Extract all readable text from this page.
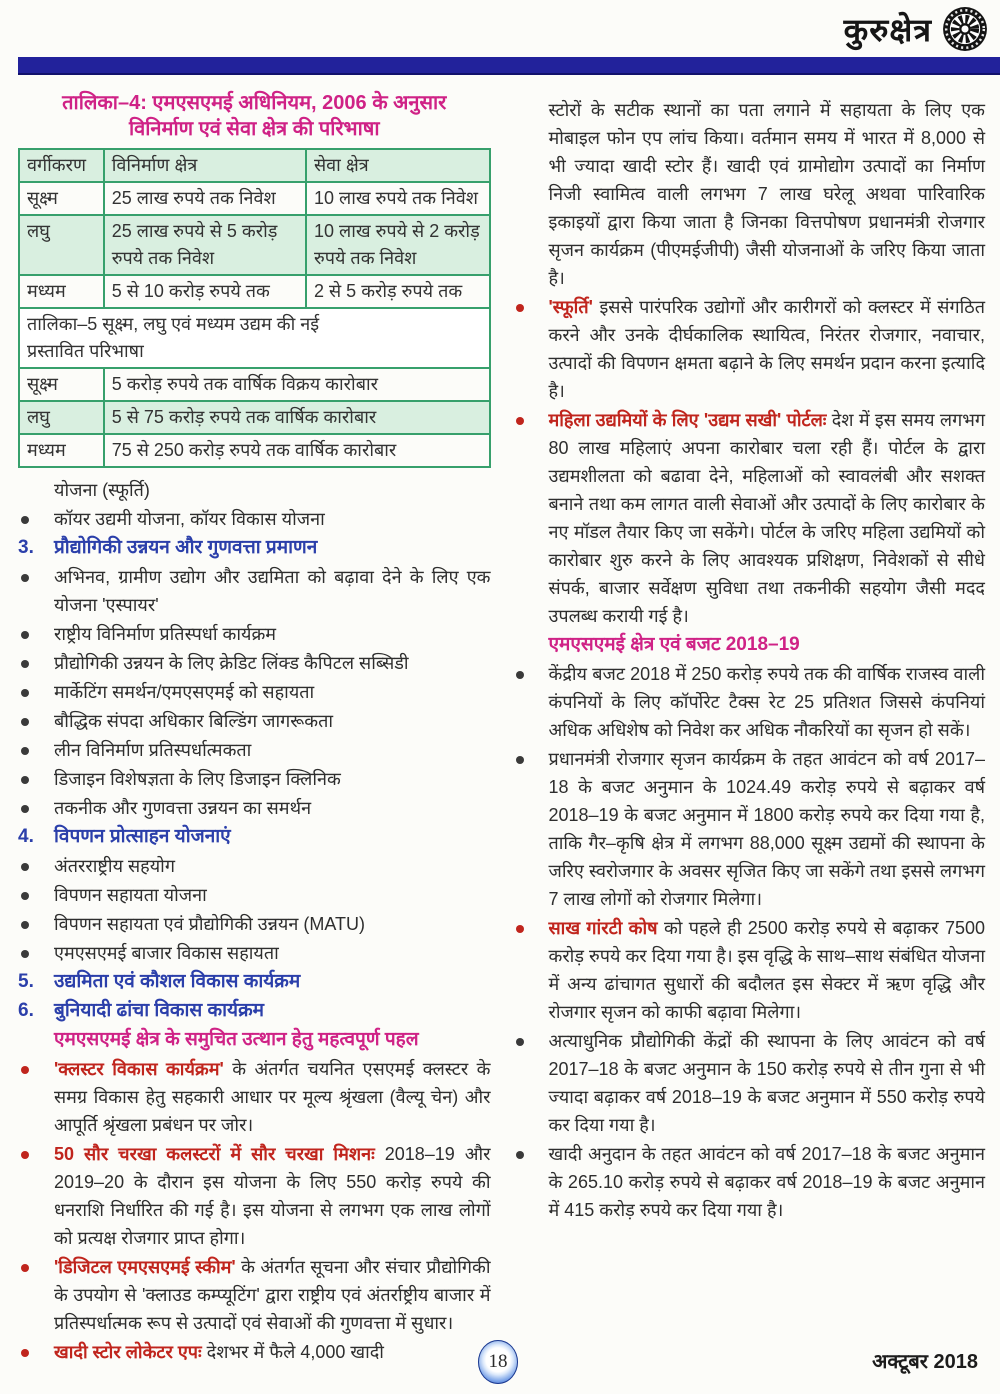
कुरुक्षेत्र
तालिका–4: एमएसएमई अधिनियम, 2006 के अनुसार
विनिर्माण एवं सेवा क्षेत्र की परिभाषा
वर्गीकरण	विनिर्माण क्षेत्र	सेवा क्षेत्र
सूक्ष्म	25 लाख रुपये तक निवेश	10 लाख रुपये तक निवेश
लघु	25 लाख रुपये से 5 करोड़ रुपये तक निवेश	10 लाख रुपये से 2 करोड़ रुपये तक निवेश
मध्यम	5 से 10 करोड़ रुपये तक	2 से 5 करोड़ रुपये तक
तालिका–5 सूक्ष्म, लघु एवं मध्यम उद्यम की नई
प्रस्तावित परिभाषा		
सूक्ष्म	5 करोड़ रुपये तक वार्षिक विक्रय कारोबार	
लघु	5 से 75 करोड़ रुपये तक वार्षिक कारोबार	
मध्यम	75 से 250 करोड़ रुपये तक वार्षिक कारोबार	
योजना (स्फूर्ति)
कॉयर उद्यमी योजना, कॉयर विकास योजना
3.	प्रौद्योगिकी उन्नयन और गुणवत्ता प्रमाणन
अभिनव, ग्रामीण उद्योग और उद्यमिता को बढ़ावा देने के लिए एक योजना 'एस्पायर'
राष्ट्रीय विनिर्माण प्रतिस्पर्धा कार्यक्रम
प्रौद्योगिकी उन्नयन के लिए क्रेडिट लिंक्ड कैपिटल सब्सिडी
मार्केटिंग समर्थन/एमएसएमई को सहायता
बौद्धिक संपदा अधिकार बिल्डिंग जागरूकता
लीन विनिर्माण प्रतिस्पर्धात्मकता
डिजाइन विशेषज्ञता के लिए डिजाइन क्लिनिक
तकनीक और गुणवत्ता उन्नयन का समर्थन
4.	विपणन प्रोत्साहन योजनाएं
अंतरराष्ट्रीय सहयोग
विपणन सहायता योजना
विपणन सहायता एवं प्रौद्योगिकी उन्नयन (MATU)
एमएसएमई बाजार विकास सहायता
5.	उद्यमिता एवं कौशल विकास कार्यक्रम
6.	बुनियादी ढांचा विकास कार्यक्रम
एमएसएमई क्षेत्र के समुचित उत्थान हेतु महत्वपूर्ण पहल
'क्लस्टर विकास कार्यक्रम' के अंतर्गत चयनित एसएमई क्लस्टर के समग्र विकास हेतु सहकारी आधार पर मूल्य श्रृंखला (वैल्यू चेन) और आपूर्ति श्रृंखला प्रबंधन पर जोर।
50 सौर चरखा कलस्टरों में सौर चरखा मिशनः 2018–19 और 2019–20 के दौरान इस योजना के लिए 550 करोड़ रुपये की धनराशि निर्धारित की गई है। इस योजना से लगभग एक लाख लोगों को प्रत्यक्ष रोजगार प्राप्त होगा।
'डिजिटल एमएसएमई स्कीम' के अंतर्गत सूचना और संचार प्रौद्योगिकी के उपयोग से 'क्लाउड कम्प्यूटिंग' द्वारा राष्ट्रीय एवं अंतर्राष्ट्रीय बाजार में प्रतिस्पर्धात्मक रूप से उत्पादों एवं सेवाओं की गुणवत्ता में सुधार।
खादी स्टोर लोकेटर एपः देशभर में फैले 4,000 खादी
स्टोरों के सटीक स्थानों का पता लगाने में सहायता के लिए एक मोबाइल फोन एप लांच किया। वर्तमान समय में भारत में 8,000 से भी ज्यादा खादी स्टोर हैं। खादी एवं ग्रामोद्योग उत्पादों का निर्माण निजी स्वामित्व वाली लगभग 7 लाख घरेलू अथवा पारिवारिक इकाइयों द्वारा किया जाता है जिनका वित्तपोषण प्रधानमंत्री रोजगार सृजन कार्यक्रम (पीएमईजीपी) जैसी योजनाओं के जरिए किया जाता है।
'स्फूर्ति' इससे पारंपरिक उद्योगों और कारीगरों को क्लस्टर में संगठित करने और उनके दीर्घकालिक स्थायित्व, निरंतर रोजगार, नवाचार, उत्पादों की विपणन क्षमता बढ़ाने के लिए समर्थन प्रदान करना इत्यादि है।
महिला उद्यमियों के लिए 'उद्यम सखी' पोर्टलः देश में इस समय लगभग 80 लाख महिलाएं अपना कारोबार चला रही हैं। पोर्टल के द्वारा उद्यमशीलता को बढावा देने, महिलाओं को स्वावलंबी और सशक्त बनाने तथा कम लागत वाली सेवाओं और उत्पादों के लिए कारोबार के नए मॉडल तैयार किए जा सकेंगे। पोर्टल के जरिए महिला उद्यमियों को कारोबार शुरु करने के लिए आवश्यक प्रशिक्षण, निवेशकों से सीधे संपर्क, बाजार सर्वेक्षण सुविधा तथा तकनीकी सहयोग जैसी मदद उपलब्ध करायी गई है।
एमएसएमई क्षेत्र एवं बजट 2018–19
केंद्रीय बजट 2018 में 250 करोड़ रुपये तक की वार्षिक राजस्व वाली कंपनियों के लिए कॉर्पोरेट टैक्स रेट 25 प्रतिशत जिससे कंपनियां अधिक अधिशेष को निवेश कर अधिक नौकरियों का सृजन हो सकें।
प्रधानमंत्री रोजगार सृजन कार्यक्रम के तहत आवंटन को वर्ष 2017–18 के बजट अनुमान के 1024.49 करोड़ रुपये से बढ़ाकर वर्ष 2018–19 के बजट अनुमान में 1800 करोड़ रुपये कर दिया गया है, ताकि गैर–कृषि क्षेत्र में लगभग 88,000 सूक्ष्म उद्यमों की स्थापना के जरिए स्वरोजगार के अवसर सृजित किए जा सकेंगे तथा इससे लगभग 7 लाख लोगों को रोजगार मिलेगा।
साख गांरटी कोष को पहले ही 2500 करोड़ रुपये से बढ़ाकर 7500 करोड़ रुपये कर दिया गया है। इस वृद्धि के साथ–साथ संबंधित योजना में अन्य ढांचागत सुधारों की बदौलत इस सेक्टर में ऋण वृद्धि और रोजगार सृजन को काफी बढ़ावा मिलेगा।
अत्याधुनिक प्रौद्योगिकी केंद्रों की स्थापना के लिए आवंटन को वर्ष 2017–18 के बजट अनुमान के 150 करोड़ रुपये से तीन गुना से भी ज्यादा बढ़ाकर वर्ष 2018–19 के बजट अनुमान में 550 करोड़ रुपये कर दिया गया है।
खादी अनुदान के तहत आवंटन को वर्ष 2017–18 के बजट अनुमान के 265.10 करोड़ रुपये से बढ़ाकर वर्ष 2018–19 के बजट अनुमान में 415 करोड़ रुपये कर दिया गया है।
18	अक्टूबर 2018
